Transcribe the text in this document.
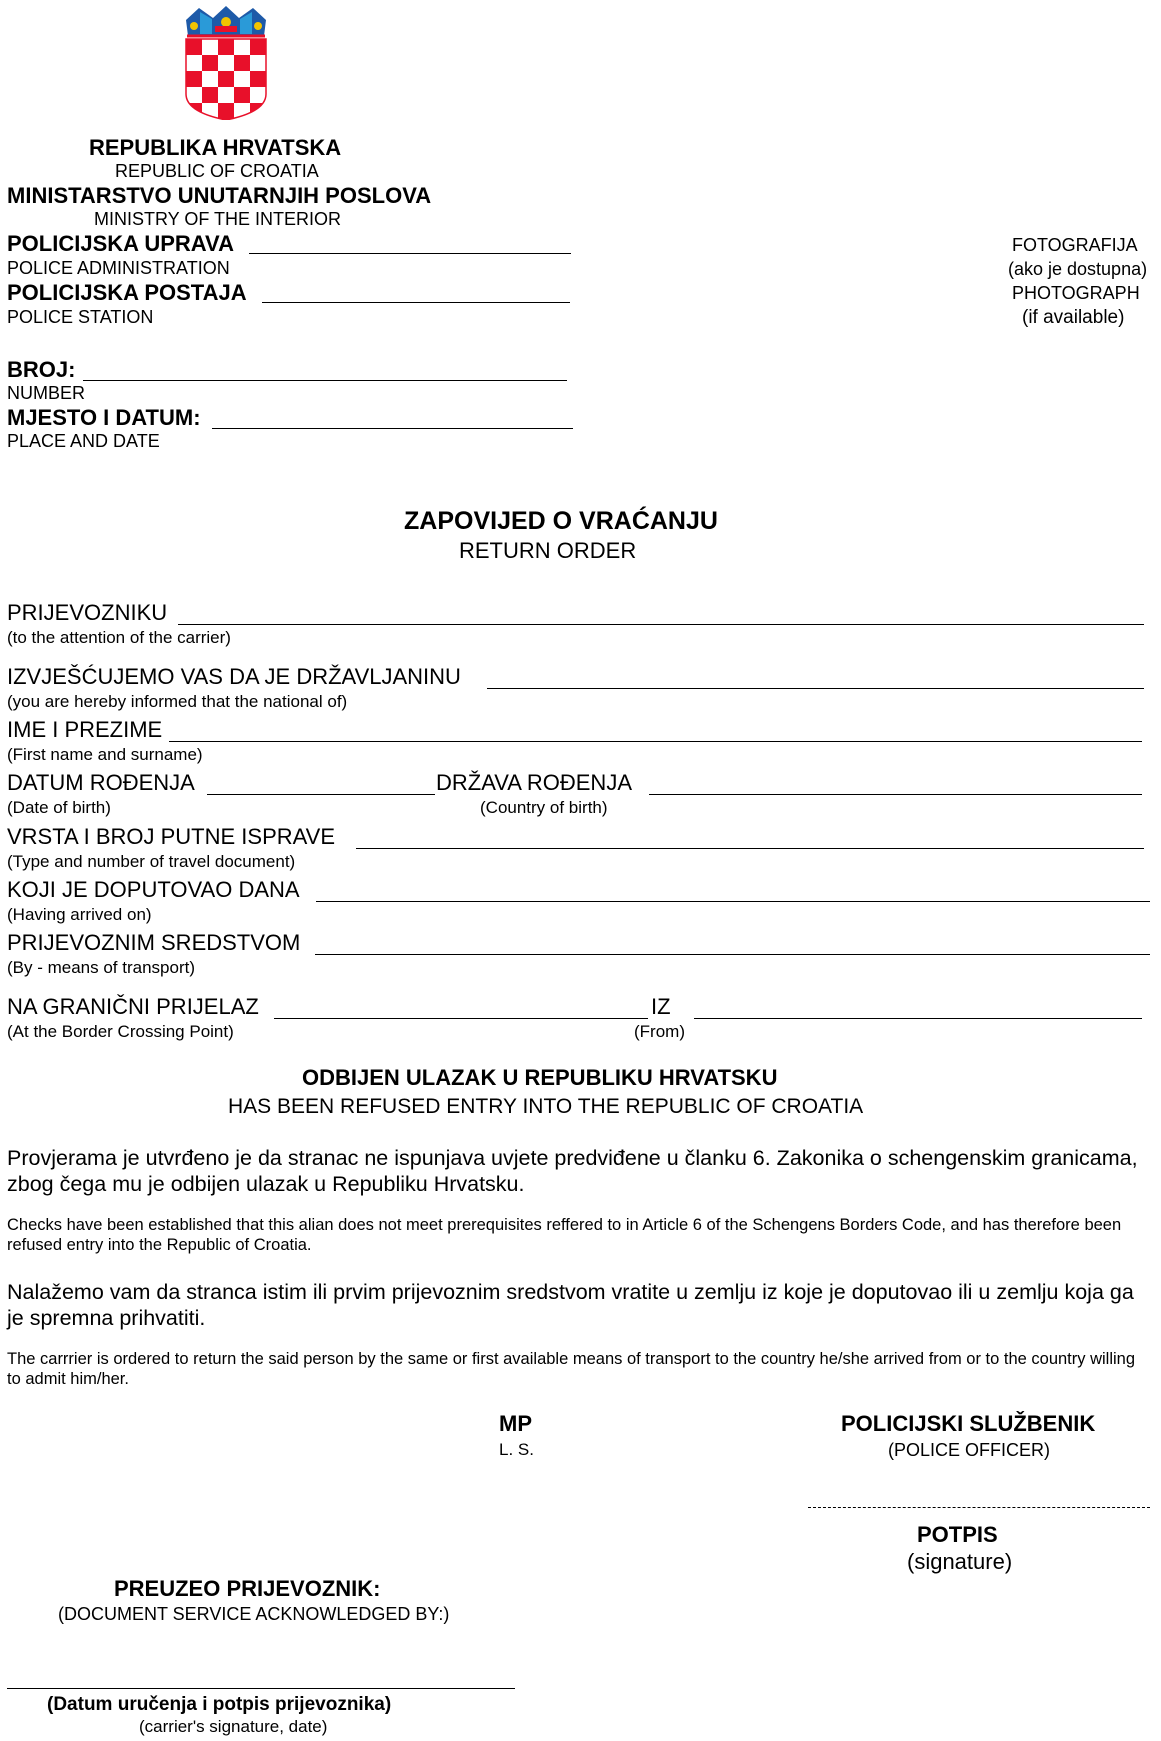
REPUBLIKA HRVATSKA
REPUBLIC OF CROATIA
MINISTARSTVO UNUTARNJIH POSLOVA
MINISTRY OF THE INTERIOR
POLICIJSKA UPRAVA
POLICE ADMINISTRATION
POLICIJSKA POSTAJA
POLICE STATION
BROJ:
NUMBER
MJESTO I DATUM:
PLACE AND DATE
FOTOGRAFIJA
(ako je dostupna)
PHOTOGRAPH
(if available)
ZAPOVIJED O VRAĆANJU
RETURN ORDER
PRIJEVOZNIKU
(to the attention of the carrier)
IZVJEŠĆUJEMO VAS DA JE DRŽAVLJANINU
(you are hereby informed that the national of)
IME I PREZIME
(First name and surname)
DATUM ROĐENJA	DRŽAVA ROĐENJA
(Date of birth)	(Country of birth)
VRSTA I BROJ PUTNE ISPRAVE
(Type and number of travel document)
KOJI JE DOPUTOVAO DANA
(Having arrived on)
PRIJEVOZNIM SREDSTVOM
(By - means of transport)
NA GRANIČNI PRIJELAZ	IZ
(At the Border Crossing Point)	(From)
ODBIJEN ULAZAK U REPUBLIKU HRVATSKU
HAS BEEN REFUSED ENTRY INTO THE REPUBLIC OF CROATIA
Provjerama je utvrđeno je da stranac ne ispunjava uvjete predviđene u članku 6. Zakonika o schengenskim granicama, zbog čega mu je odbijen ulazak u Republiku Hrvatsku.
Checks have been established that this alian does not meet prerequisites reffered to in Article 6 of the Schengens Borders Code, and has therefore been refused entry into the Republic of Croatia.
Nalažemo vam da stranca istim ili prvim prijevoznim sredstvom vratite u zemlju iz koje je doputovao ili u zemlju koja ga je spremna prihvatiti.
The carrrier is ordered to return the said person by the same or first available means of transport to the country he/she arrived from or to the country willing to admit him/her.
MP
L. S.
POLICIJSKI SLUŽBENIK
(POLICE OFFICER)
POTPIS
(signature)
PREUZEO PRIJEVOZNIK:
(DOCUMENT SERVICE ACKNOWLEDGED BY:)
(Datum uručenja i potpis prijevoznika)
(carrier's signature, date)
